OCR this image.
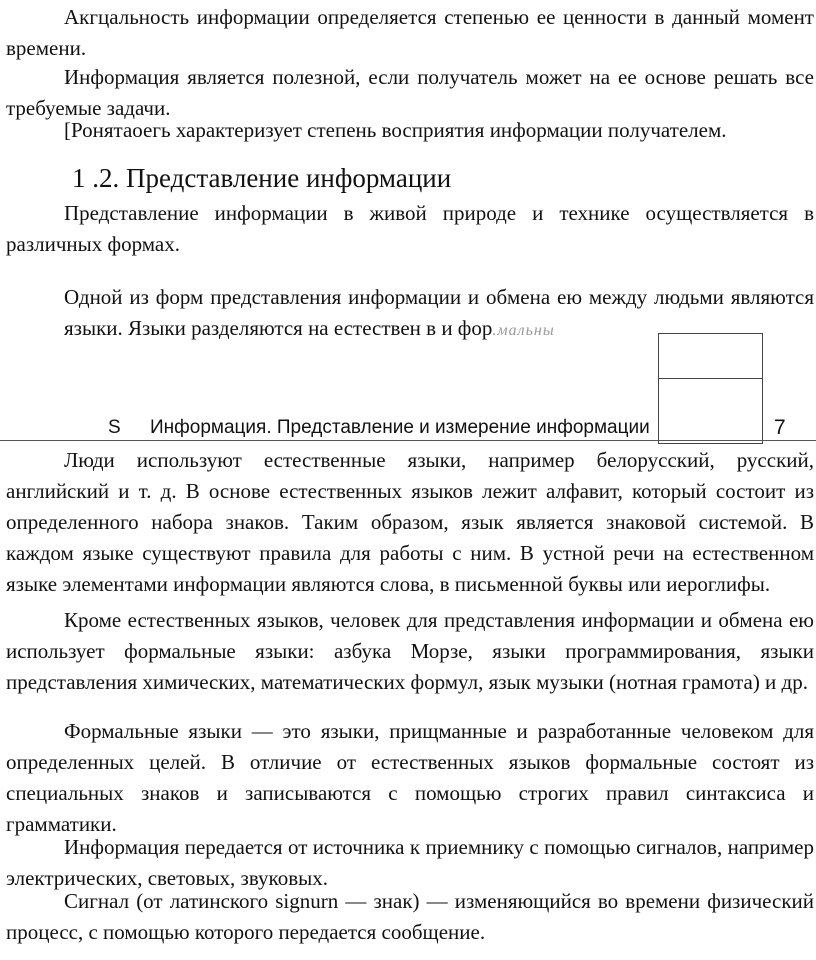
Акгцальность информации определяется степенью ее ценности в данный момент времени.

Информация является полезной, если получатель может на ее основе решать все требуемые задачи.

[Ронятаоегь характеризует степень восприятия информации получателем.

1 .2. Представление информации

Представление информации в живой природе и технике осуществляется в различных формах.

Одной из форм представления информации и обмена ею между людьми являются языки. Языки разделяются на естествен в и фор.мальны

S Информация. Представление и измерение информации	7

Люди используют естественные языки, например белорусский, русский, английский и т. д. В основе естественных языков лежит алфавит, который состоит из определенного набора знаков. Таким образом, язык является знаковой системой. В каждом языке существуют правила для работы с ним. В устной речи на естественном языке элементами информации являются слова, в письменной буквы или иероглифы.

Кроме естественных языков, человек для представления информации и обмена ею использует формальные языки: азбука Морзе, языки программирования, языки представления химических, математических формул, язык музыки (нотная грамота) и др.

Формальные языки — это языки, прищманные и разработанные человеком для определенных целей. В отличие от естественных языков формальные состоят из специальных знаков и записываются с помощью строгих правил синтаксиса и грамматики.

Информация передается от источника к приемнику с помощью сигналов, например электрических, световых, звуковых.

Сигнал (от латинского signurn — знак) — изменяющийся во времени физический процесс, с помощью которого передается сообщение.
